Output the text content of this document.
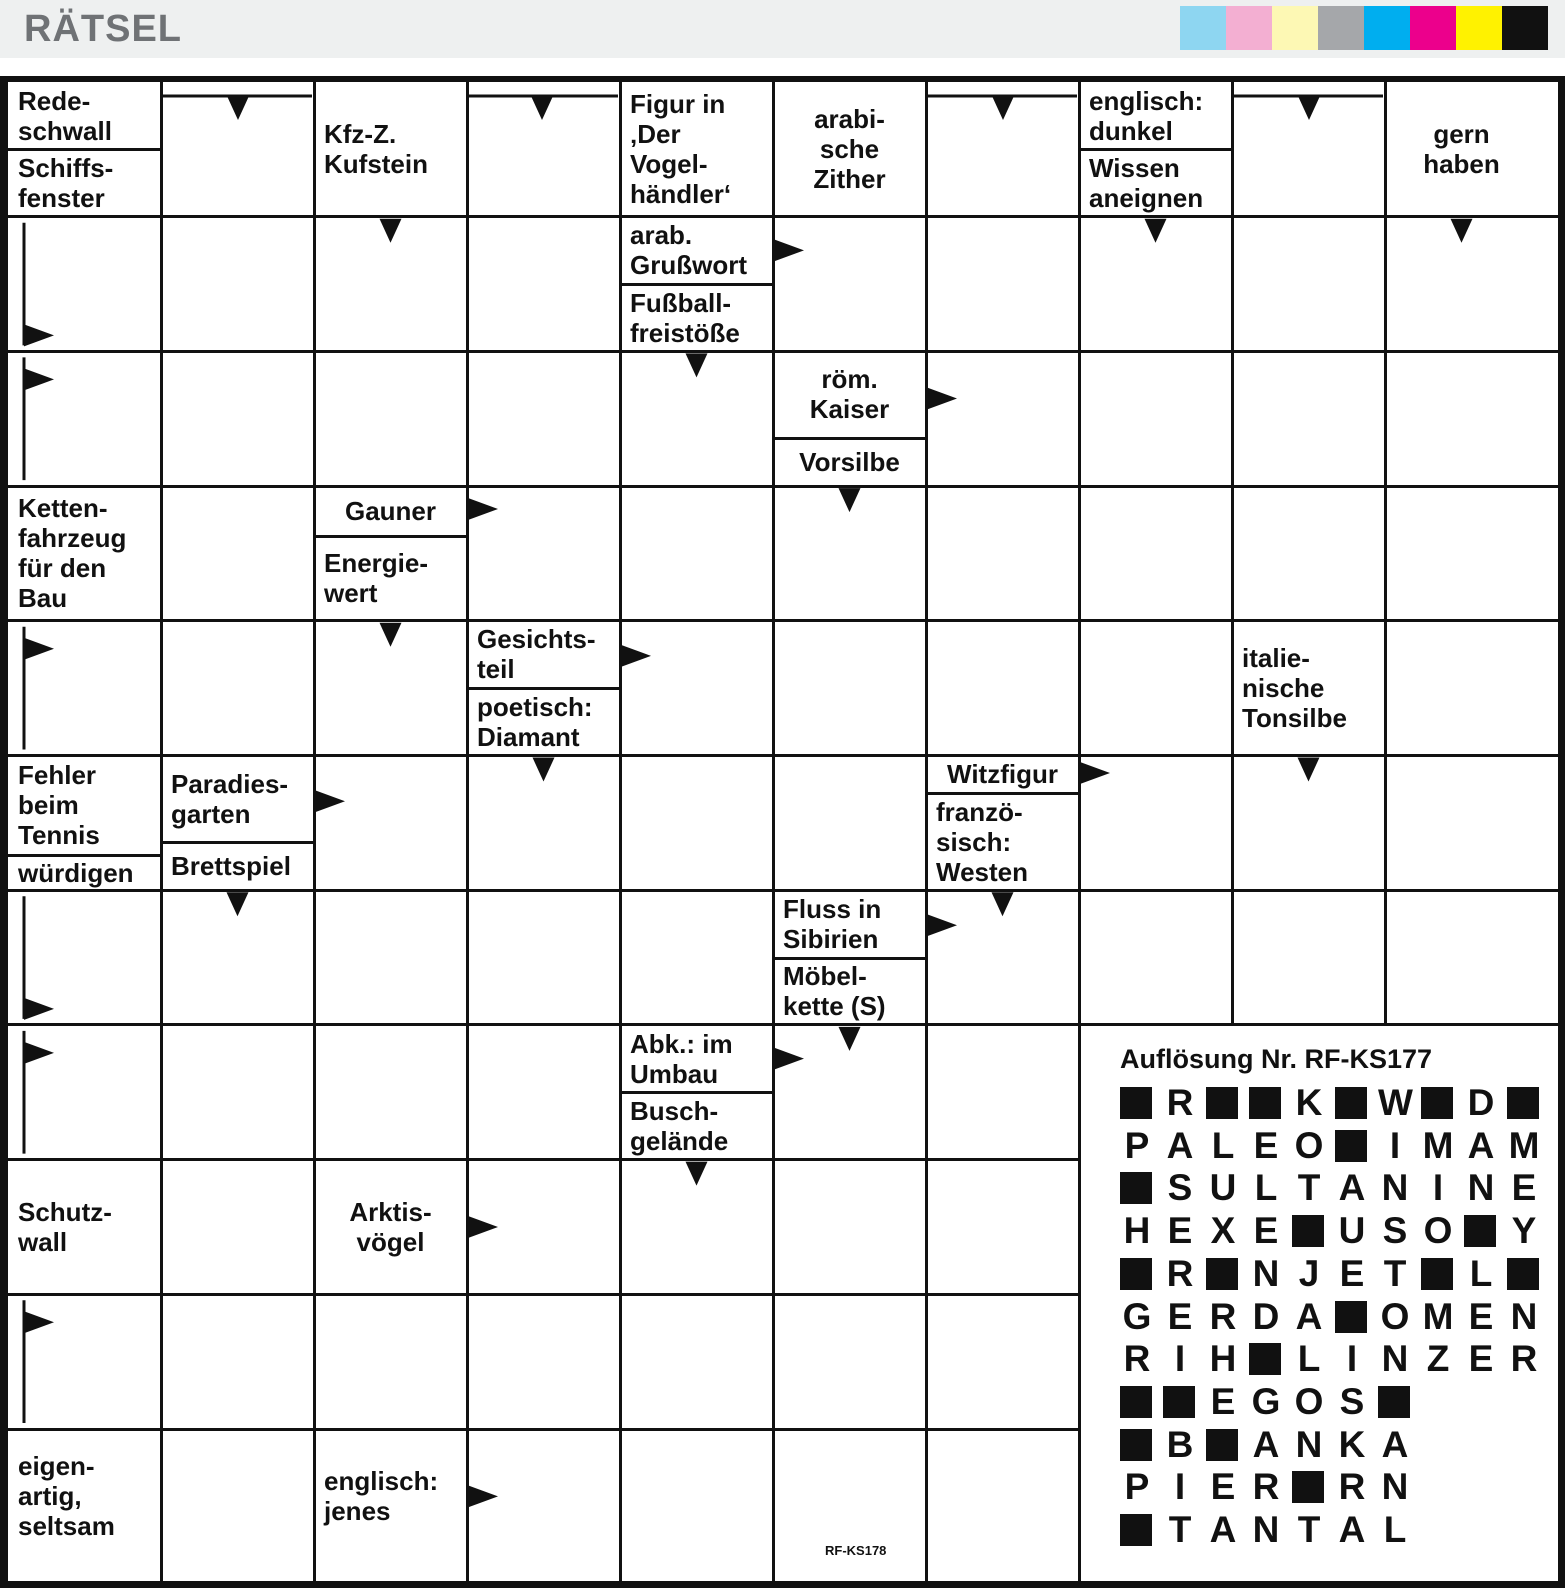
RÄTSEL
Rede-
schwall
Schiffs-
fenster
Kfz-Z.
Kufstein
Figur in
‚Der
Vogel-
händler‘
arabi-
sche
Zither
englisch:
dunkel
Wissen
aneignen
gern
haben
arab.
Grußwort
Fußball-
freistöße
röm.
Kaiser
Vorsilbe
Ketten-
fahrzeug
für den
Bau
Gauner
Energie-
wert
Gesichts-
teil
poetisch:
Diamant
italie-
nische
Tonsilbe
Fehler
beim
Tennis
würdigen
Paradies-
garten
Brettspiel
Witzfigur
franzö-
sisch:
Westen
Fluss in
Sibirien
Möbel-
kette (S)
Abk.: im
Umbau
Busch-
gelände
Schutz-
wall
Arktis-
vögel
eigen-
artig,
seltsam
englisch:
jenes
Auflösung Nr. RF-KS177
R	K W D
P A L E O	I M A M
S U L T A N I N E
H E X E U S O Y
R N J E T L
G E R D A O M E N
R I H L I N Z E R
E G O S
B A N K A
P I E R R N
T A N T A L
RF-KS178
